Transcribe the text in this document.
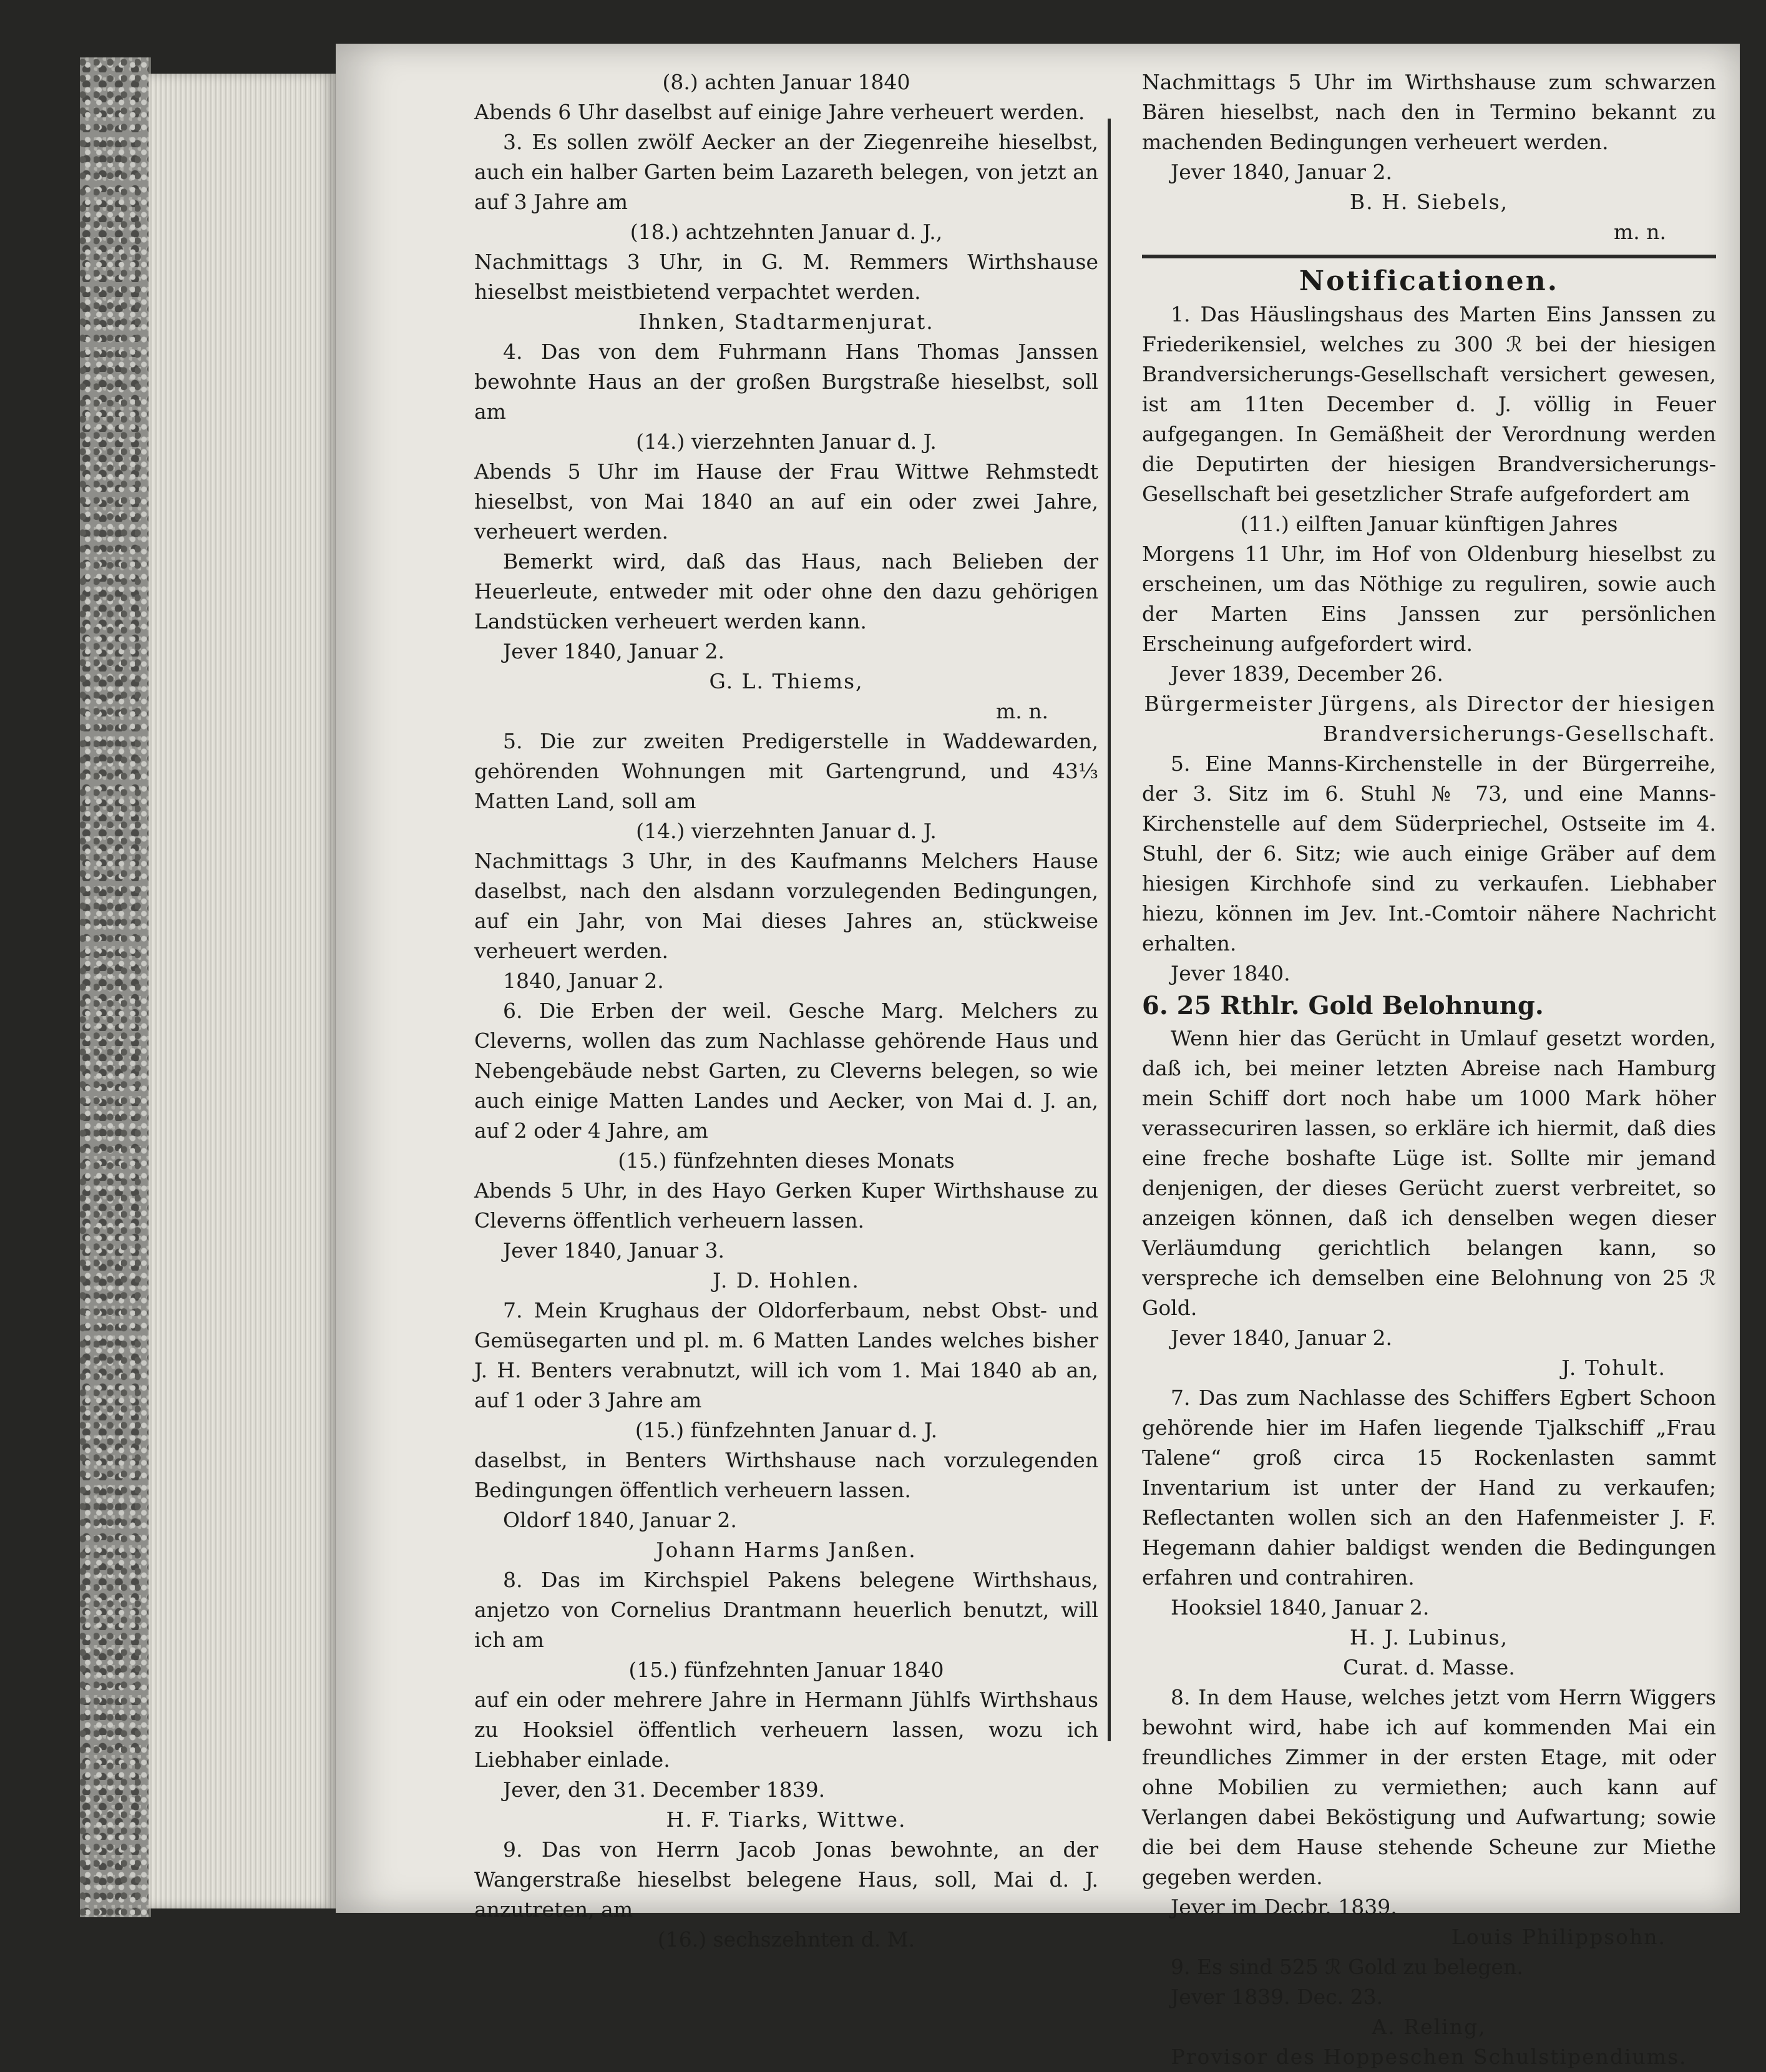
(8.) achten Januar 1840

Abends 6 Uhr daselbst auf einige Jahre verheuert werden.

3. Es sollen zwölf Aecker an der Ziegenreihe hieselbst, auch ein halber Garten beim Lazareth belegen, von jetzt an auf 3 Jahre am

(18.) achtzehnten Januar d. J.,

Nachmittags 3 Uhr, in G. M. Remmers Wirthshause hieselbst meistbietend verpachtet werden.

Ihnken, Stadtarmenjurat.

4. Das von dem Fuhrmann Hans Thomas Janssen bewohnte Haus an der großen Burgstraße hieselbst, soll am

(14.) vierzehnten Januar d. J.

Abends 5 Uhr im Hause der Frau Wittwe Rehmstedt hieselbst, von Mai 1840 an auf ein oder zwei Jahre, verheuert werden.

Bemerkt wird, daß das Haus, nach Belieben der Heuerleute, entweder mit oder ohne den dazu gehörigen Landstücken verheuert werden kann.

Jever 1840, Januar 2.

G. L. Thiems,

m. n.

5. Die zur zweiten Predigerstelle in Waddewarden, gehörenden Wohnungen mit Gartengrund, und 43⅓ Matten Land, soll am

(14.) vierzehnten Januar d. J.

Nachmittags 3 Uhr, in des Kaufmanns Melchers Hause daselbst, nach den alsdann vorzulegenden Bedingungen, auf ein Jahr, von Mai dieses Jahres an, stückweise verheuert werden.

1840, Januar 2.

6. Die Erben der weil. Gesche Marg. Melchers zu Cleverns, wollen das zum Nachlasse gehörende Haus und Nebengebäude nebst Garten, zu Cleverns belegen, so wie auch einige Matten Landes und Aecker, von Mai d. J. an, auf 2 oder 4 Jahre, am

(15.) fünfzehnten dieses Monats

Abends 5 Uhr, in des Hayo Gerken Kuper Wirthshause zu Cleverns öffentlich verheuern lassen.

Jever 1840, Januar 3.

J. D. Hohlen.

7. Mein Krughaus der Oldorferbaum, nebst Obst- und Gemüsegarten und pl. m. 6 Matten Landes welches bisher J. H. Benters verabnutzt, will ich vom 1. Mai 1840 ab an, auf 1 oder 3 Jahre am

(15.) fünfzehnten Januar d. J.

daselbst, in Benters Wirthshause nach vorzulegenden Bedingungen öffentlich verheuern lassen.

Oldorf 1840, Januar 2.

Johann Harms Janßen.

8. Das im Kirchspiel Pakens belegene Wirthshaus, anjetzo von Cornelius Drantmann heuerlich benutzt, will ich am

(15.) fünfzehnten Januar 1840

auf ein oder mehrere Jahre in Hermann Jühlfs Wirthshaus zu Hooksiel öffentlich verheuern lassen, wozu ich Liebhaber einlade.

Jever, den 31. December 1839.

H. F. Tiarks, Wittwe.

9. Das von Herrn Jacob Jonas bewohnte, an der Wangerstraße hieselbst belegene Haus, soll, Mai d. J. anzutreten, am

(16.) sechszehnten d. M.

Nachmittags 5 Uhr im Wirthshause zum schwarzen Bären hieselbst, nach den in Termino bekannt zu machenden Bedingungen verheuert werden.

Jever 1840, Januar 2.

B. H. Siebels,

m. n.

Notificationen.

1. Das Häuslingshaus des Marten Eins Janssen zu Friederikensiel, welches zu 300 ℛ bei der hiesigen Brandversicherungs-Gesellschaft versichert gewesen, ist am 11ten December d. J. völlig in Feuer aufgegangen. In Gemäßheit der Verordnung werden die Deputirten der hiesigen Brandversicherungs-Gesellschaft bei gesetzlicher Strafe aufgefordert am

(11.) eilften Januar künftigen Jahres

Morgens 11 Uhr, im Hof von Oldenburg hieselbst zu erscheinen, um das Nöthige zu reguliren, sowie auch der Marten Eins Janssen zur persönlichen Erscheinung aufgefordert wird.

Jever 1839, December 26.

Bürgermeister Jürgens, als Director der hiesigen Brandversicherungs-Gesellschaft.

5. Eine Manns-Kirchenstelle in der Bürgerreihe, der 3. Sitz im 6. Stuhl № 73, und eine Manns-Kirchenstelle auf dem Süderpriechel, Ostseite im 4. Stuhl, der 6. Sitz; wie auch einige Gräber auf dem hiesigen Kirchhofe sind zu verkaufen. Liebhaber hiezu, können im Jev. Int.-Comtoir nähere Nachricht erhalten.

Jever 1840.

6. 25 Rthlr. Gold Belohnung.

Wenn hier das Gerücht in Umlauf gesetzt worden, daß ich, bei meiner letzten Abreise nach Hamburg mein Schiff dort noch habe um 1000 Mark höher verassecuriren lassen, so erkläre ich hiermit, daß dies eine freche boshafte Lüge ist. Sollte mir jemand denjenigen, der dieses Gerücht zuerst verbreitet, so anzeigen können, daß ich denselben wegen dieser Verläumdung gerichtlich belangen kann, so verspreche ich demselben eine Belohnung von 25 ℛ Gold.

Jever 1840, Januar 2.

J. Tohult.

7. Das zum Nachlasse des Schiffers Egbert Schoon gehörende hier im Hafen liegende Tjalkschiff „Frau Talene“ groß circa 15 Rockenlasten sammt Inventarium ist unter der Hand zu verkaufen; Reflectanten wollen sich an den Hafenmeister J. F. Hegemann dahier baldigst wenden die Bedingungen erfahren und contrahiren.

Hooksiel 1840, Januar 2.

H. J. Lubinus,

Curat. d. Masse.

8. In dem Hause, welches jetzt vom Herrn Wiggers bewohnt wird, habe ich auf kommenden Mai ein freundliches Zimmer in der ersten Etage, mit oder ohne Mobilien zu vermiethen; auch kann auf Verlangen dabei Beköstigung und Aufwartung; sowie die bei dem Hause stehende Scheune zur Miethe gegeben werden.

Jever im Decbr. 1839.

Louis Philippsohn.

9. Es sind 525 ℛ Gold zu belegen.

Jever 1839. Dec. 23.

A. Reling,

Provisor des Hoppeschen Schulstipendiums.
